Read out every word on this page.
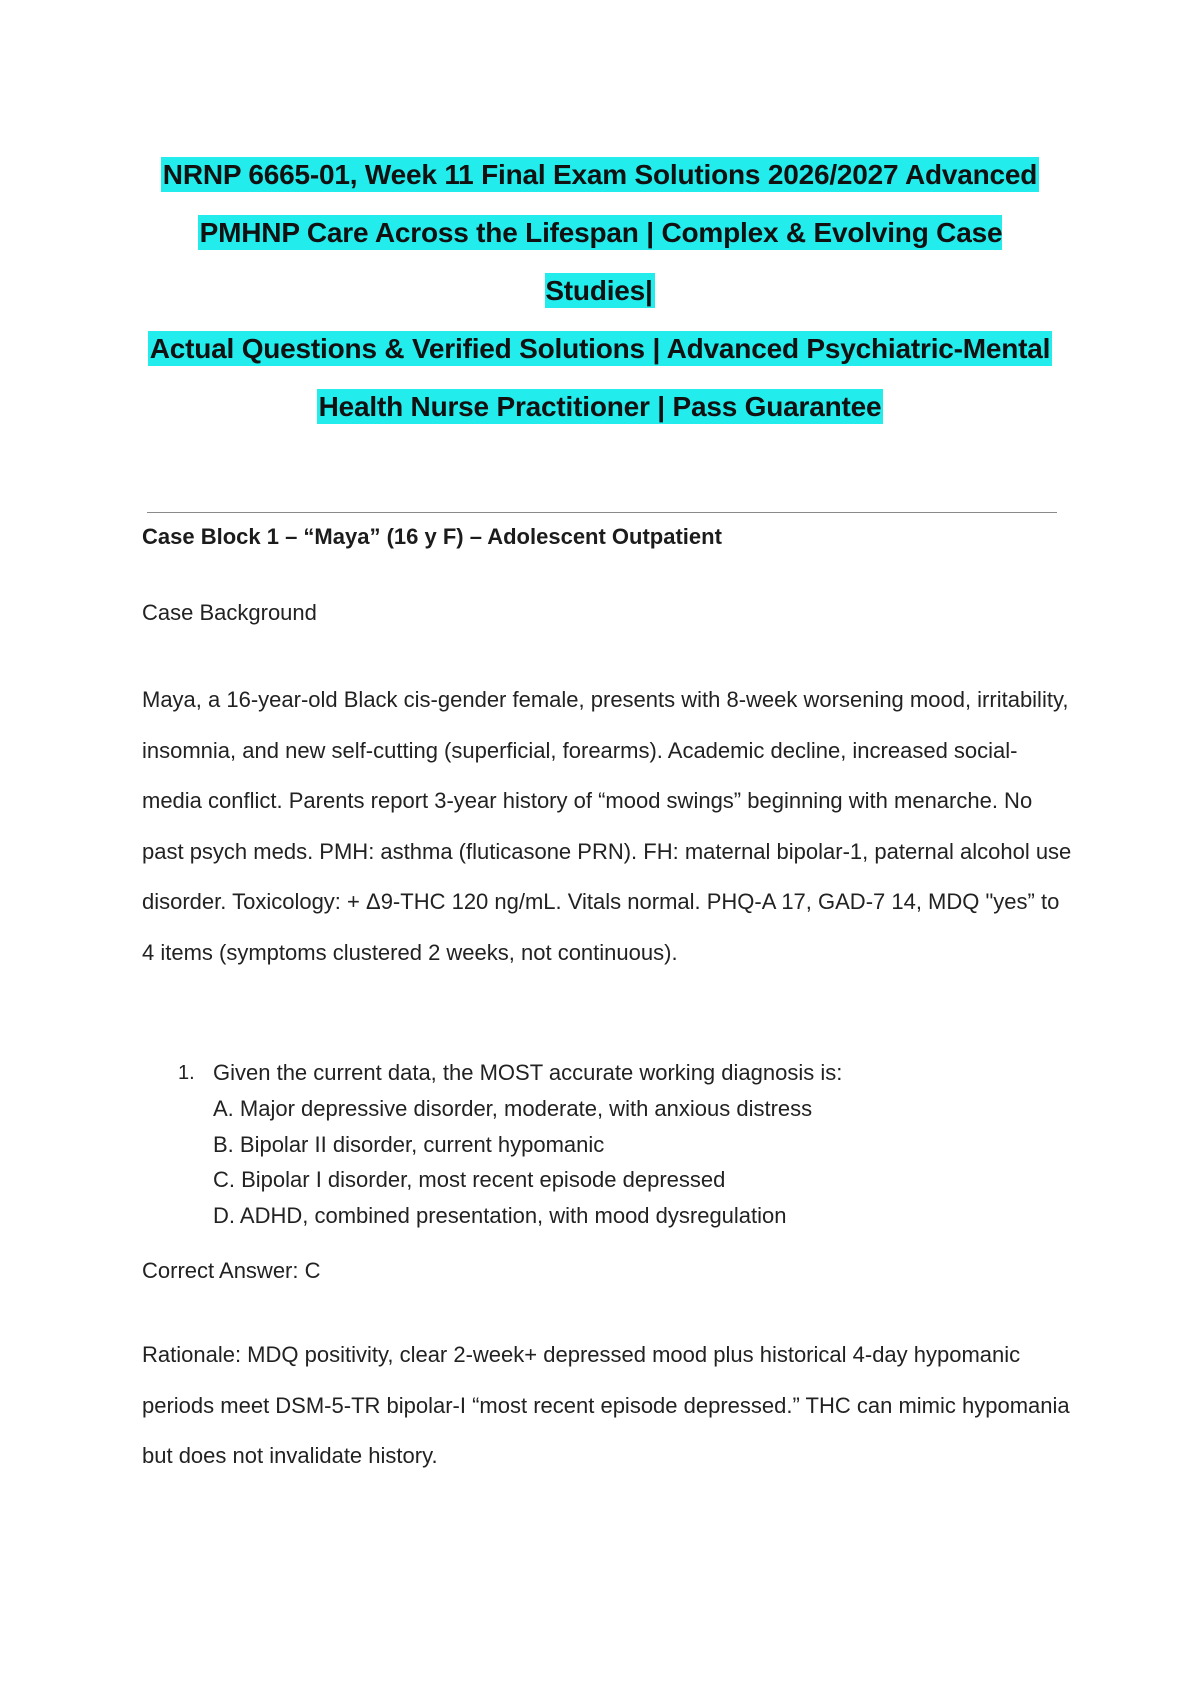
NRNP 6665-01, Week 11 Final Exam Solutions 2026/2027 Advanced
PMHNP Care Across the Lifespan | Complex & Evolving Case Studies|
Actual Questions & Verified Solutions | Advanced Psychiatric-Mental
Health Nurse Practitioner | Pass Guarantee
Case Block 1 – “Maya” (16 y F) – Adolescent Outpatient
Case Background
Maya, a 16-year-old Black cis-gender female, presents with 8-week worsening mood, irritability, insomnia, and new self-cutting (superficial, forearms). Academic decline, increased social-media conflict. Parents report 3-year history of “mood swings” beginning with menarche. No past psych meds. PMH: asthma (fluticasone PRN). FH: maternal bipolar-1, paternal alcohol use disorder. Toxicology: + Δ9-THC 120 ng/mL. Vitals normal. PHQ-A 17, GAD-7 14, MDQ "yes” to 4 items (symptoms clustered 2 weeks, not continuous).
1. Given the current data, the MOST accurate working diagnosis is:
A. Major depressive disorder, moderate, with anxious distress
B. Bipolar II disorder, current hypomanic
C. Bipolar I disorder, most recent episode depressed
D. ADHD, combined presentation, with mood dysregulation
Correct Answer: C
Rationale: MDQ positivity, clear 2-week+ depressed mood plus historical 4-day hypomanic periods meet DSM-5-TR bipolar-I “most recent episode depressed.” THC can mimic hypomania but does not invalidate history.
